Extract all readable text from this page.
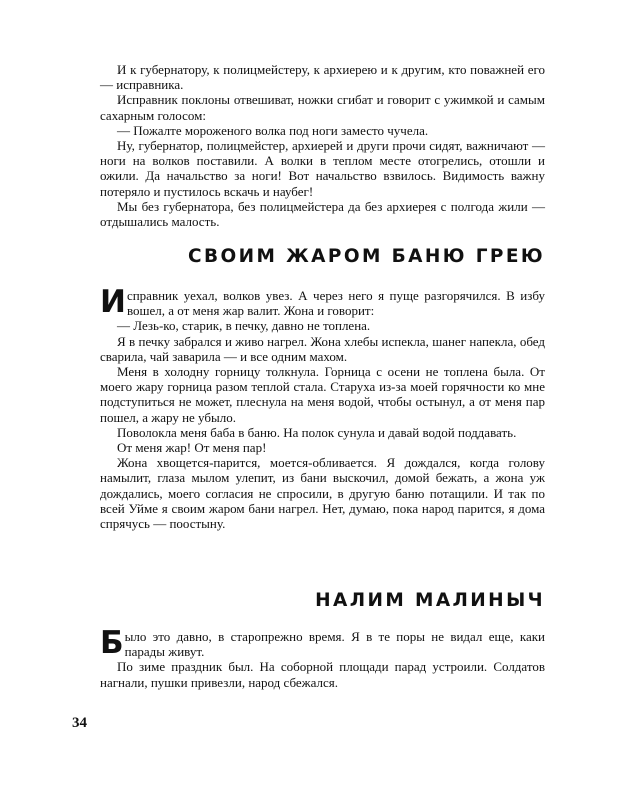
И к губернатору, к полицмейстеру, к архиерею и к другим, кто поважней его — исправника.

Исправник поклоны отвешиват, ножки сгибат и говорит с ужимкой и самым сахарным голосом:

— Пожалте мороженого волка под ноги заместо чучела.

Ну, губернатор, полицмейстер, архиерей и други прочи сидят, важничают — ноги на волков поставили. А волки в теплом месте отогрелись, отошли и ожили. Да начальство за ноги! Вот начальство взвилось. Видимость важну потеряло и пустилось вскачь и наубег!

Мы без губернатора, без полицмейстера да без архиерея с полгода жили — отдышались малость.

СВОИМ ЖАРОМ БАНЮ ГРЕЮ

Исправник уехал, волков увез. А через него я пуще разгорячился. В избу вошел, а от меня жар валит. Жона и говорит:

— Лезь-ко, старик, в печку, давно не топлена.

Я в печку забрался и живо нагрел. Жона хлебы испекла, шанег напекла, обед сварила, чай заварила — и все одним махом.

Меня в холодну горницу толкнула. Горница с осени не топлена была. От моего жару горница разом теплой стала. Старуха из-за моей горячности ко мне подступиться не может, плеснула на меня водой, чтобы остынул, а от меня пар пошел, а жару не убыло.

Поволокла меня баба в баню. На полок сунула и давай водой поддавать.

От меня жар! От меня пар!

Жона хвощется-парится, моется-обливается. Я дождался, когда голову намылит, глаза мылом улепит, из бани выскочил, домой бежать, а жона уж дождались, моего согласия не спросили, в другую баню потащили. И так по всей Уйме я своим жаром бани нагрел. Нет, думаю, пока народ парится, я дома спрячусь — поостыну.

НАЛИМ МАЛИНЫЧ

Было это давно, в старопрежно время. Я в те поры не видал еще, каки парады живут.

По зиме праздник был. На соборной площади парад устроили. Солдатов нагнали, пушки привезли, народ сбежался.

34
